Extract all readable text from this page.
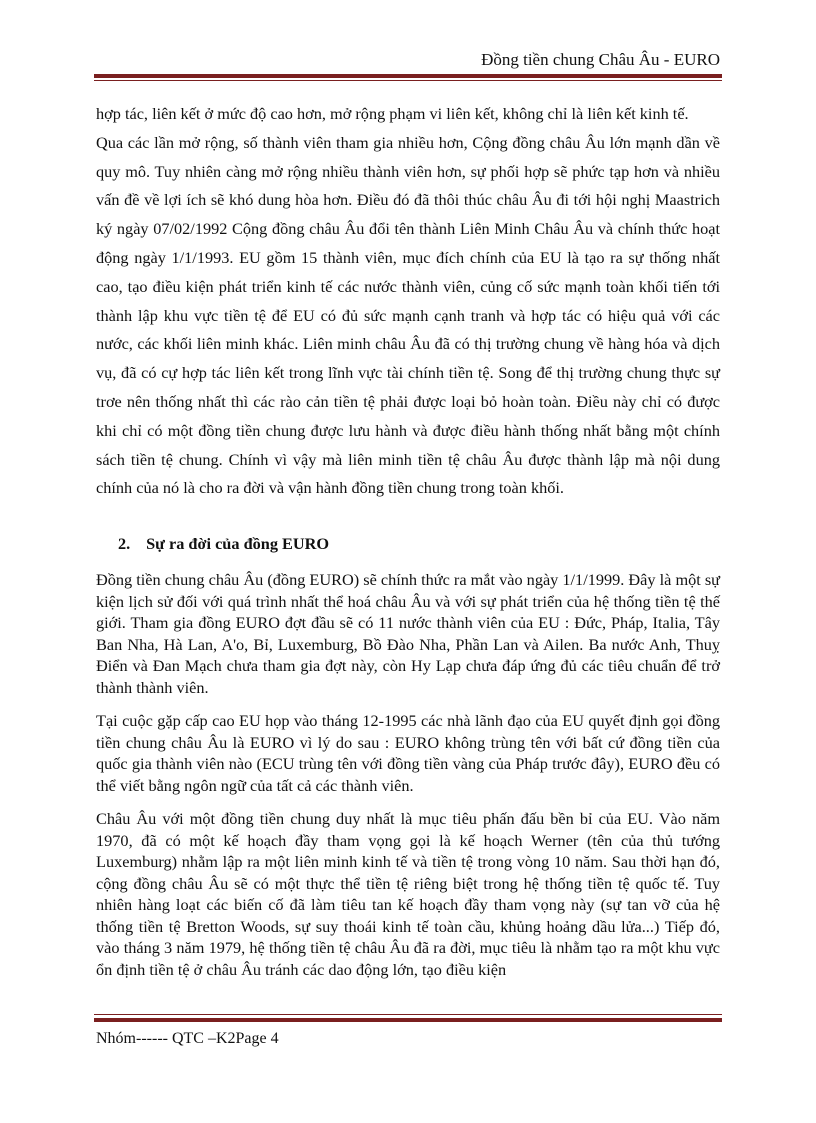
Đồng tiền chung Châu Âu - EURO

hợp tác, liên kết ở mức độ cao hơn, mở rộng phạm vi liên kết, không chỉ là liên kết kinh tế.

Qua các lần mở rộng, số thành viên tham gia nhiều hơn, Cộng đồng châu Âu lớn mạnh dần về quy mô. Tuy nhiên càng mở rộng nhiều thành viên hơn, sự phối hợp sẽ phức tạp hơn và nhiều vấn đề về lợi ích sẽ khó dung hòa hơn. Điều đó đã thôi thúc châu Âu đi tới hội nghị Maastrich ký ngày 07/02/1992 Cộng đồng châu Âu đổi tên thành Liên Minh Châu Âu và chính thức hoạt động ngày 1/1/1993. EU gồm 15 thành viên, mục đích chính của EU là tạo ra sự thống nhất cao, tạo điều kiện phát triển kinh tế các nước thành viên, củng cố sức mạnh toàn khối tiến tới thành lập khu vực tiền tệ để EU có đủ sức mạnh cạnh tranh và hợp tác có hiệu quả với các nước, các khối liên minh khác. Liên minh châu Âu đã có thị trường chung về hàng hóa và dịch vụ, đã có cự hợp tác liên kết trong lĩnh vực tài chính tiền tệ. Song để thị trường chung thực sự trơe nên thống nhất thì các rào cản tiền tệ phải được loại bỏ hoàn toàn. Điều này chỉ có được khi chỉ có một đồng tiền chung được lưu hành và được điều hành thống nhất bằng một chính sách tiền tệ chung. Chính vì vậy mà liên minh tiền tệ châu Âu được thành lập mà nội dung chính của nó là cho ra đời và vận hành đồng tiền chung trong toàn khối.

2. Sự ra đời của đồng EURO

Đồng tiền chung châu Âu (đồng EURO) sẽ chính thức ra mắt vào ngày 1/1/1999. Đây là một sự kiện lịch sử đối với quá trình nhất thể hoá châu Âu và với sự phát triển của hệ thống tiền tệ thế giới. Tham gia đồng EURO đợt đầu sẽ có 11 nước thành viên của EU : Đức, Pháp, Italia, Tây Ban Nha, Hà Lan, A'o, Bỉ, Luxemburg, Bồ Đào Nha, Phần Lan và Ailen. Ba nước Anh, Thuỵ Điển và Đan Mạch chưa tham gia đợt này, còn Hy Lạp chưa đáp ứng đủ các tiêu chuẩn để trở thành thành viên.

Tại cuộc gặp cấp cao EU họp vào tháng 12-1995 các nhà lãnh đạo của EU quyết định gọi đồng tiền chung châu Âu là EURO vì lý do sau : EURO không trùng tên với bất cứ đồng tiền của quốc gia thành viên nào (ECU trùng tên với đồng tiền vàng của Pháp trước đây), EURO đều có thể viết bằng ngôn ngữ của tất cả các thành viên.

Châu Âu với một đồng tiền chung duy nhất là mục tiêu phấn đấu bền bỉ của EU. Vào năm 1970, đã có một kế hoạch đầy tham vọng gọi là kế hoạch Werner (tên của thủ tướng Luxemburg) nhằm lập ra một liên minh kinh tế và tiền tệ trong vòng 10 năm. Sau thời hạn đó, cộng đồng châu Âu sẽ có một thực thể tiền tệ riêng biệt trong hệ thống tiền tệ quốc tế. Tuy nhiên hàng loạt các biến cố đã làm tiêu tan kế hoạch đầy tham vọng này (sự tan vỡ của hệ thống tiền tệ Bretton Woods, sự suy thoái kinh tế toàn cầu, khủng hoảng dầu lửa...) Tiếp đó, vào tháng 3 năm 1979, hệ thống tiền tệ châu Âu đã ra đời, mục tiêu là nhằm tạo ra một khu vực ổn định tiền tệ ở châu Âu tránh các dao động lớn, tạo điều kiện

Nhóm------ QTC –K2Page 4
